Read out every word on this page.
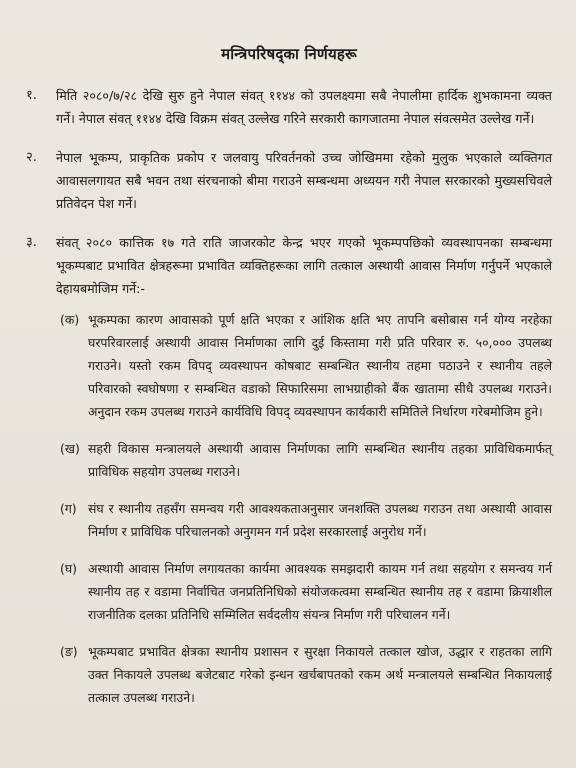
मन्त्रिपरिषद्का निर्णयहरू
१.	मिति २०८०/७/२८ देखि सुरु हुने नेपाल संवत् ११४४ को उपलक्ष्यमा सबै नेपालीमा हार्दिक शुभकामना व्यक्त गर्ने। नेपाल संवत् ११४४ देखि विक्रम संवत् उल्लेख गरिने सरकारी कागजातमा नेपाल संवत्समेत उल्लेख गर्ने।
२.	नेपाल भूकम्प, प्राकृतिक प्रकोप र जलवायु परिवर्तनको उच्च जोखिममा रहेको मुलुक भएकाले व्यक्तिगत आवासलगायत सबै भवन तथा संरचनाको बीमा गराउने सम्बन्धमा अध्ययन गरी नेपाल सरकारको मुख्यसचिवले प्रतिवेदन पेश गर्ने।
३.	संवत् २०८० कात्तिक १७ गते राति जाजरकोट केन्द्र भएर गएको भूकम्पपछिको व्यवस्थापनका सम्बन्धमा भूकम्पबाट प्रभावित क्षेत्रहरूमा प्रभावित व्यक्तिहरूका लागि तत्काल अस्थायी आवास निर्माण गर्नुपर्ने भएकाले देहायबमोजिम गर्ने:-
(क) भूकम्पका कारण आवासको पूर्ण क्षति भएका र आंशिक क्षति भए तापनि बसोबास गर्न योग्य नरहेका घरपरिवारलाई अस्थायी आवास निर्माणका लागि दुई किस्तामा गरी प्रति परिवार रु. ५०,००० उपलब्ध गराउने। यस्तो रकम विपद् व्यवस्थापन कोषबाट सम्बन्धित स्थानीय तहमा पठाउने र स्थानीय तहले परिवारको स्वघोषणा र सम्बन्धित वडाको सिफारिसमा लाभग्राहीको बैंक खातामा सीधै उपलब्ध गराउने। अनुदान रकम उपलब्ध गराउने कार्यविधि विपद् व्यवस्थापन कार्यकारी समितिले निर्धारण गरेबमोजिम हुने।
(ख) सहरी विकास मन्त्रालयले अस्थायी आवास निर्माणका लागि सम्बन्धित स्थानीय तहका प्राविधिकमार्फत् प्राविधिक सहयोग उपलब्ध गराउने।
(ग) संघ र स्थानीय तहसँग समन्वय गरी आवश्यकताअनुसार जनशक्ति उपलब्ध गराउन तथा अस्थायी आवास निर्माण र प्राविधिक परिचालनको अनुगमन गर्न प्रदेश सरकारलाई अनुरोध गर्ने।
(घ) अस्थायी आवास निर्माण लगायतका कार्यमा आवश्यक समझदारी कायम गर्न तथा सहयोग र समन्वय गर्न स्थानीय तह र वडामा निर्वाचित जनप्रतिनिधिको संयोजकत्वमा सम्बन्धित स्थानीय तह र वडामा क्रियाशील राजनीतिक दलका प्रतिनिधि सम्मिलित सर्वदलीय संयन्त्र निर्माण गरी परिचालन गर्ने।
(ङ) भूकम्पबाट प्रभावित क्षेत्रका स्थानीय प्रशासन र सुरक्षा निकायले तत्काल खोज, उद्धार र राहतका लागि उक्त निकायले उपलब्ध बजेटबाट गरेको इन्धन खर्चबापतको रकम अर्थ मन्त्रालयले सम्बन्धित निकायलाई तत्काल उपलब्ध गराउने।
